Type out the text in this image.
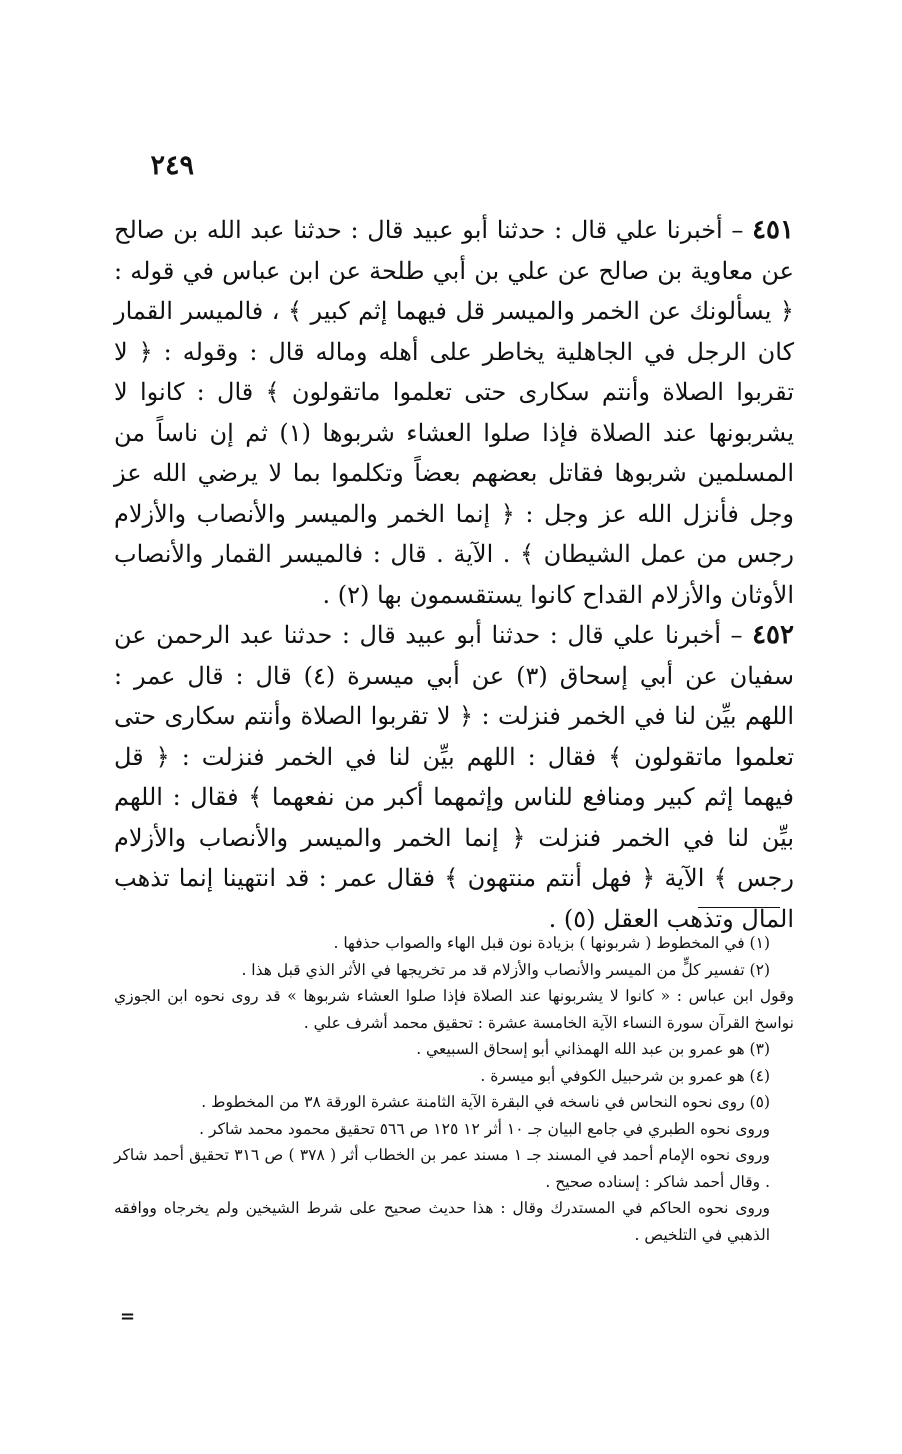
٢٤٩

٤٥١ – أخبرنا علي قال : حدثنا أبو عبيد قال : حدثنا عبد الله بن صالح عن معاوية بن صالح عن علي بن أبي طلحة عن ابن عباس في قوله : ﴿ يسألونك عن الخمر والميسر قل فيهما إثم كبير ﴾ ، فالميسر القمار كان الرجل في الجاهلية يخاطر على أهله وماله قال : وقوله : ﴿ لا تقربوا الصلاة وأنتم سكارى حتى تعلموا ماتقولون ﴾ قال : كانوا لا يشربونها عند الصلاة فإذا صلوا العشاء شربوها (١) ثم إن ناساً من المسلمين شربوها فقاتل بعضهم بعضاً وتكلموا بما لا يرضي الله عز وجل فأنزل الله عز وجل : ﴿ إنما الخمر والميسر والأنصاب والأزلام رجس من عمل الشيطان ﴾ . الآية . قال : فالميسر القمار والأنصاب الأوثان والأزلام القداح كانوا يستقسمون بها (٢) .

٤٥٢ – أخبرنا علي قال : حدثنا أبو عبيد قال : حدثنا عبد الرحمن عن سفيان عن أبي إسحاق (٣) عن أبي ميسرة (٤) قال : قال عمر : اللهم بيِّن لنا في الخمر فنزلت : ﴿ لا تقربوا الصلاة وأنتم سكارى حتى تعلموا ماتقولون ﴾ فقال : اللهم بيِّن لنا في الخمر فنزلت : ﴿ قل فيهما إثم كبير ومنافع للناس وإثمهما أكبر من نفعهما ﴾ فقال : اللهم بيِّن لنا في الخمر فنزلت ﴿ إنما الخمر والميسر والأنصاب والأزلام رجس ﴾ الآية ﴿ فهل أنتم منتهون ﴾ فقال عمر : قد انتهينا إنما تذهب المال وتذهب العقل (٥) .

(١) في المخطوط ( شربونها ) بزيادة نون قبل الهاء والصواب حذفها .

(٢) تفسير كلٍّ من الميسر والأنصاب والأزلام قد مر تخريجها في الأثر الذي قبل هذا .

وقول ابن عباس : « كانوا لا يشربونها عند الصلاة فإذا صلوا العشاء شربوها » قد روى نحوه ابن الجوزي نواسخ القرآن سورة النساء الآية الخامسة عشرة : تحقيق محمد أشرف علي .

(٣) هو عمرو بن عبد الله الهمذاني أبو إسحاق السبيعي .

(٤) هو عمرو بن شرحبيل الكوفي أبو ميسرة .

(٥) روى نحوه النحاس في ناسخه في البقرة الآية الثامنة عشرة الورقة ٣٨ من المخطوط .

وروى نحوه الطبري في جامع البيان جـ ١٠ أثر ١٢ ١٢٥ ص ٥٦٦ تحقيق محمود محمد شاكر .

وروى نحوه الإمام أحمد في المسند جـ ١ مسند عمر بن الخطاب أثر ( ٣٧٨ ) ص ٣١٦ تحقيق أحمد شاكر . وقال أحمد شاكر : إسناده صحيح .

وروى نحوه الحاكم في المستدرك وقال : هذا حديث صحيح على شرط الشيخين ولم يخرجاه ووافقه الذهبي في التلخيص .

=
